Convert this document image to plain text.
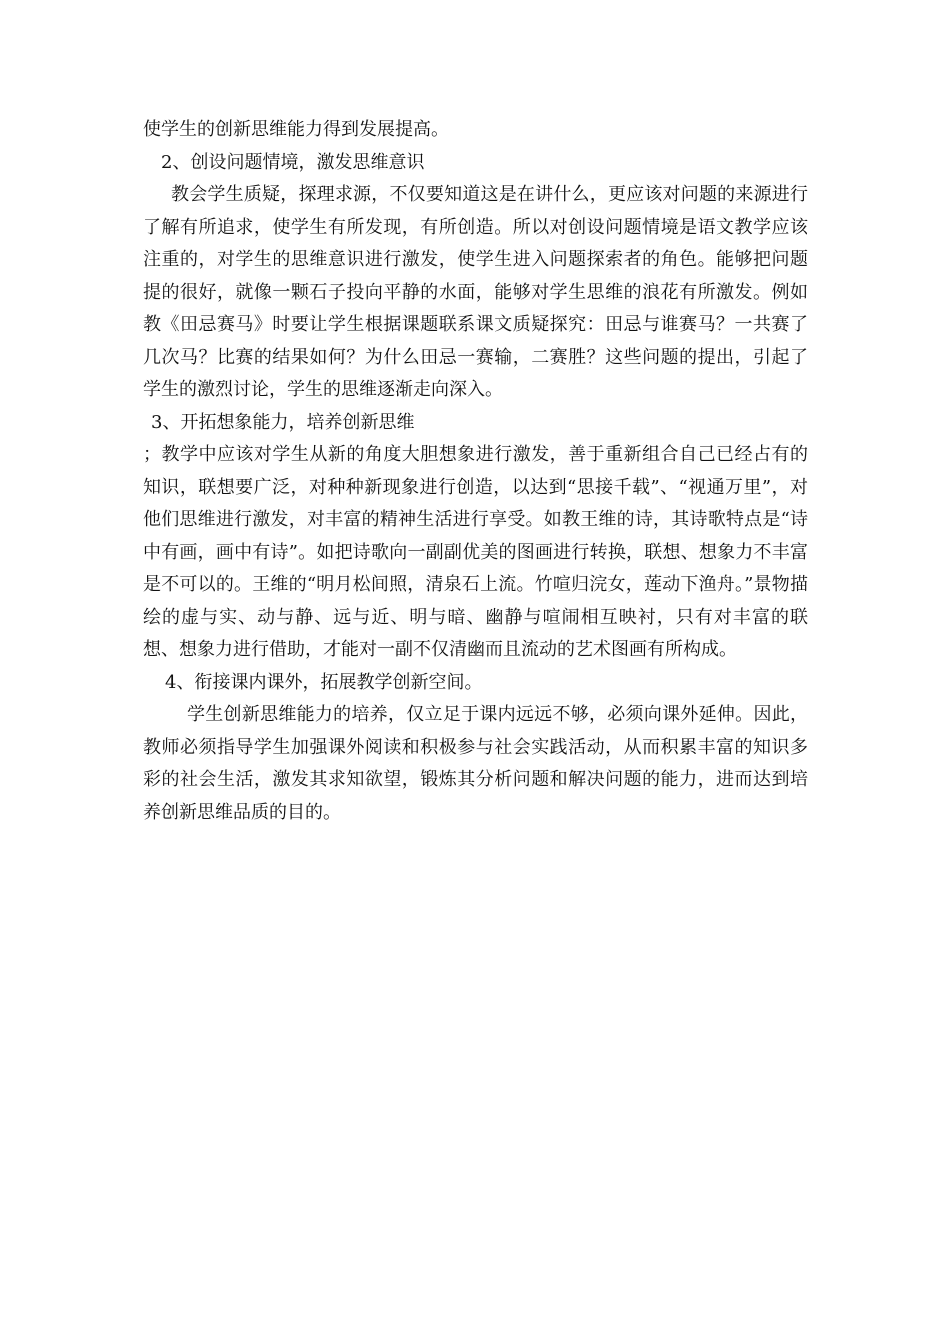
使学生的创新思维能力得到发展提高。

2、创设问题情境，激发思维意识

教会学生质疑，探理求源，不仅要知道这是在讲什么，更应该对问题的来源进行了解有所追求，使学生有所发现，有所创造。所以对创设问题情境是语文教学应该注重的，对学生的思维意识进行激发，使学生进入问题探索者的角色。能够把问题提的很好，就像一颗石子投向平静的水面，能够对学生思维的浪花有所激发。例如教《田忌赛马》时要让学生根据课题联系课文质疑探究：田忌与谁赛马？一共赛了几次马？比赛的结果如何？为什么田忌一赛输，二赛胜？这些问题的提出，引起了学生的激烈讨论，学生的思维逐渐走向深入。

3、开拓想象能力，培养创新思维

；教学中应该对学生从新的角度大胆想象进行激发，善于重新组合自己已经占有的知识，联想要广泛，对种种新现象进行创造，以达到“思接千载”、“视通万里”，对他们思维进行激发，对丰富的精神生活进行享受。如教王维的诗，其诗歌特点是“诗中有画，画中有诗”。如把诗歌向一副副优美的图画进行转换，联想、想象力不丰富是不可以的。王维的“明月松间照，清泉石上流。竹喧归浣女，莲动下渔舟。”景物描绘的虚与实、动与静、远与近、明与暗、幽静与喧闹相互映衬，只有对丰富的联想、想象力进行借助，才能对一副不仅清幽而且流动的艺术图画有所构成。

4、衔接课内课外，拓展教学创新空间。

学生创新思维能力的培养，仅立足于课内远远不够，必须向课外延伸。因此，教师必须指导学生加强课外阅读和积极参与社会实践活动，从而积累丰富的知识多彩的社会生活，激发其求知欲望，锻炼其分析问题和解决问题的能力，进而达到培养创新思维品质的目的。
